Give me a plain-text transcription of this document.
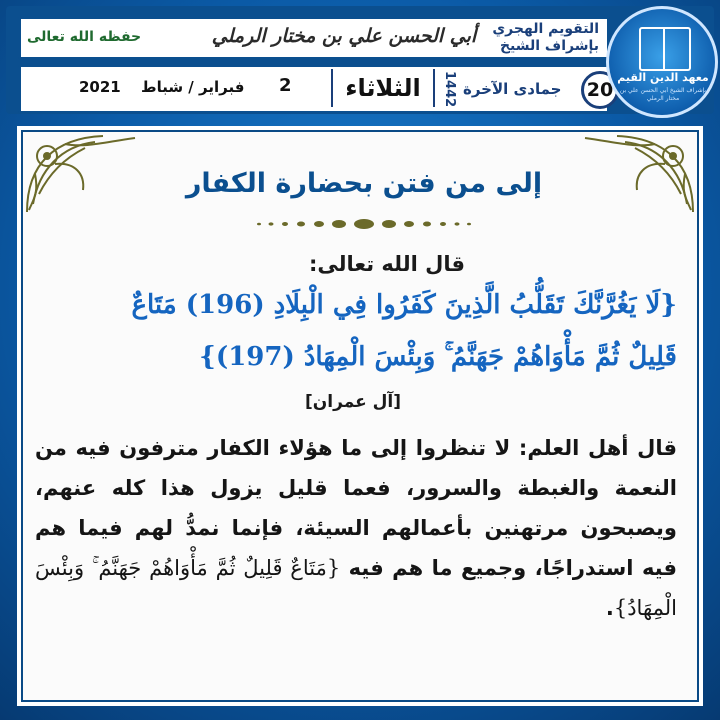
التقويم الهجري
بإشراف الشيخ
أبي الحسن علي بن مختار الرملي
حفظه الله تعالى
20
جمادى الآخرة
1442
الثلاثاء
2
فبراير / شباط
2021
معهد الدين القيم
بإشراف الشيخ أبي الحسن علي بن مختار الرملي
إلى من فتن بحضارة الكفار
قال الله تعالى:
{لَا يَغُرَّنَّكَ تَقَلُّبُ الَّذِينَ كَفَرُوا فِي الْبِلَادِ (196) مَتَاعٌ
قَلِيلٌ ثُمَّ مَأْوَاهُمْ جَهَنَّمُ ۚ وَبِئْسَ الْمِهَادُ (197)}
[آل عمران]
قال أهل العلم: لا تنظروا إلى ما هؤلاء الكفار مترفون فيه من النعمة والغبطة والسرور، فعما قليل يزول هذا كله عنهم، ويصبحون مرتهنين بأعمالهم السيئة، فإنما نمدُّ لهم فيما هم فيه استدراجًا، وجميع ما هم فيه {مَتَاعٌ قَلِيلٌ ثُمَّ مَأْوَاهُمْ جَهَنَّمُ ۚ وَبِئْسَ الْمِهَادُ}.
